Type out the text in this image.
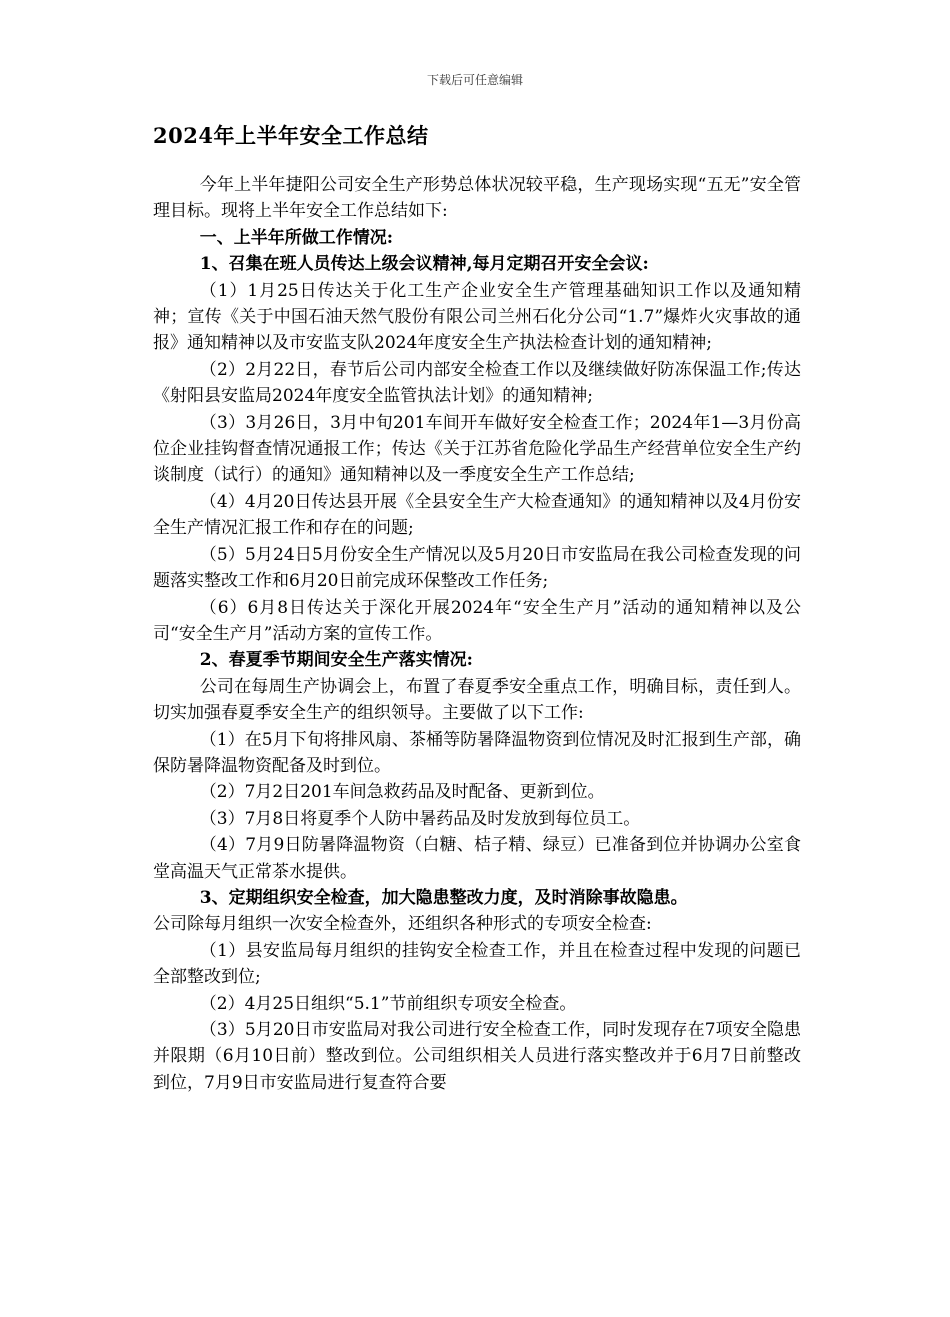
下载后可任意编辑
2024年上半年安全工作总结

今年上半年捷阳公司安全生产形势总体状况较平稳，生产现场实现“五无”安全管理目标。现将上半年安全工作总结如下:

一、上半年所做工作情况:

1、召集在班人员传达上级会议精神,每月定期召开安全会议:

（1）1月25日传达关于化工生产企业安全生产管理基础知识工作以及通知精神；宣传《关于中国石油天然气股份有限公司兰州石化分公司“1.7”爆炸火灾事故的通报》通知精神以及市安监支队2024年度安全生产执法检查计划的通知精神;

（2）2月22日，春节后公司内部安全检查工作以及继续做好防冻保温工作;传达《射阳县安监局2024年度安全监管执法计划》的通知精神;

（3）3月26日，3月中旬201车间开车做好安全检查工作；2024年1—3月份高位企业挂钩督查情况通报工作；传达《关于江苏省危险化学品生产经营单位安全生产约谈制度（试行）的通知》通知精神以及一季度安全生产工作总结;

（4）4月20日传达县开展《全县安全生产大检查通知》的通知精神以及4月份安全生产情况汇报工作和存在的问题;

（5）5月24日5月份安全生产情况以及5月20日市安监局在我公司检查发现的问题落实整改工作和6月20日前完成环保整改工作任务;

（6）6月8日传达关于深化开展2024年“安全生产月”活动的通知精神以及公司“安全生产月”活动方案的宣传工作。

2、春夏季节期间安全生产落实情况:

公司在每周生产协调会上，布置了春夏季安全重点工作，明确目标，责任到人。切实加强春夏季安全生产的组织领导。主要做了以下工作:

（1）在5月下旬将排风扇、茶桶等防暑降温物资到位情况及时汇报到生产部，确保防暑降温物资配备及时到位。

（2）7月2日201车间急救药品及时配备、更新到位。

（3）7月8日将夏季个人防中暑药品及时发放到每位员工。

（4）7月9日防暑降温物资（白糖、桔子精、绿豆）已准备到位并协调办公室食堂高温天气正常茶水提供。

3、定期组织安全检查，加大隐患整改力度，及时消除事故隐患。

公司除每月组织一次安全检查外，还组织各种形式的专项安全检查:

（1）县安监局每月组织的挂钩安全检查工作，并且在检查过程中发现的问题已全部整改到位;

（2）4月25日组织“5.1”节前组织专项安全检查。

（3）5月20日市安监局对我公司进行安全检查工作，同时发现存在7项安全隐患并限期（6月10日前）整改到位。公司组织相关人员进行落实整改并于6月7日前整改到位，7月9日市安监局进行复查符合要
